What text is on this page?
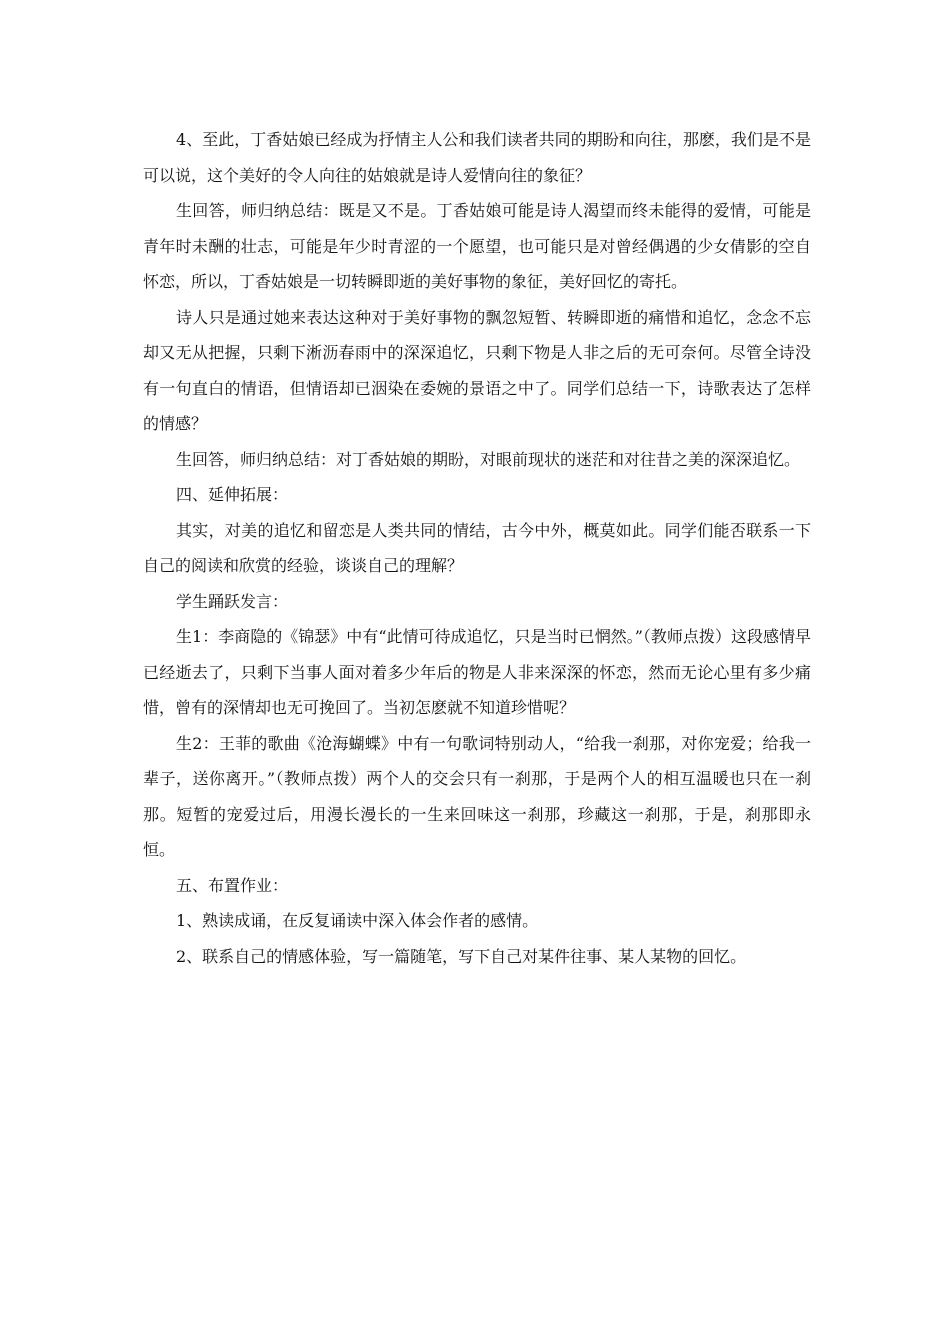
4、至此，丁香姑娘已经成为抒情主人公和我们读者共同的期盼和向往，那麽，我们是不是可以说，这个美好的令人向往的姑娘就是诗人爱情向往的象征？

生回答，师归纳总结：既是又不是。丁香姑娘可能是诗人渴望而终未能得的爱情，可能是青年时未酬的壮志，可能是年少时青涩的一个愿望，也可能只是对曾经偶遇的少女倩影的空自怀恋，所以，丁香姑娘是一切转瞬即逝的美好事物的象征，美好回忆的寄托。

诗人只是通过她来表达这种对于美好事物的飘忽短暂、转瞬即逝的痛惜和追忆，念念不忘却又无从把握，只剩下淅沥春雨中的深深追忆，只剩下物是人非之后的无可奈何。尽管全诗没有一句直白的情语，但情语却已洇染在委婉的景语之中了。同学们总结一下，诗歌表达了怎样的情感？

生回答，师归纳总结：对丁香姑娘的期盼，对眼前现状的迷茫和对往昔之美的深深追忆。

四、延伸拓展：

其实，对美的追忆和留恋是人类共同的情结，古今中外，概莫如此。同学们能否联系一下自己的阅读和欣赏的经验，谈谈自己的理解？

学生踊跃发言：

生1：李商隐的《锦瑟》中有“此情可待成追忆，只是当时已惘然。”（教师点拨）这段感情早已经逝去了，只剩下当事人面对着多少年后的物是人非来深深的怀恋，然而无论心里有多少痛惜，曾有的深情却也无可挽回了。当初怎麽就不知道珍惜呢？

生2：王菲的歌曲《沧海蝴蝶》中有一句歌词特别动人，“给我一刹那，对你宠爱；给我一辈子，送你离开。”（教师点拨）两个人的交会只有一刹那，于是两个人的相互温暖也只在一刹那。短暂的宠爱过后，用漫长漫长的一生来回味这一刹那，珍藏这一刹那，于是，刹那即永恒。

五、布置作业：

1、熟读成诵，在反复诵读中深入体会作者的感情。

2、联系自己的情感体验，写一篇随笔，写下自己对某件往事、某人某物的回忆。
